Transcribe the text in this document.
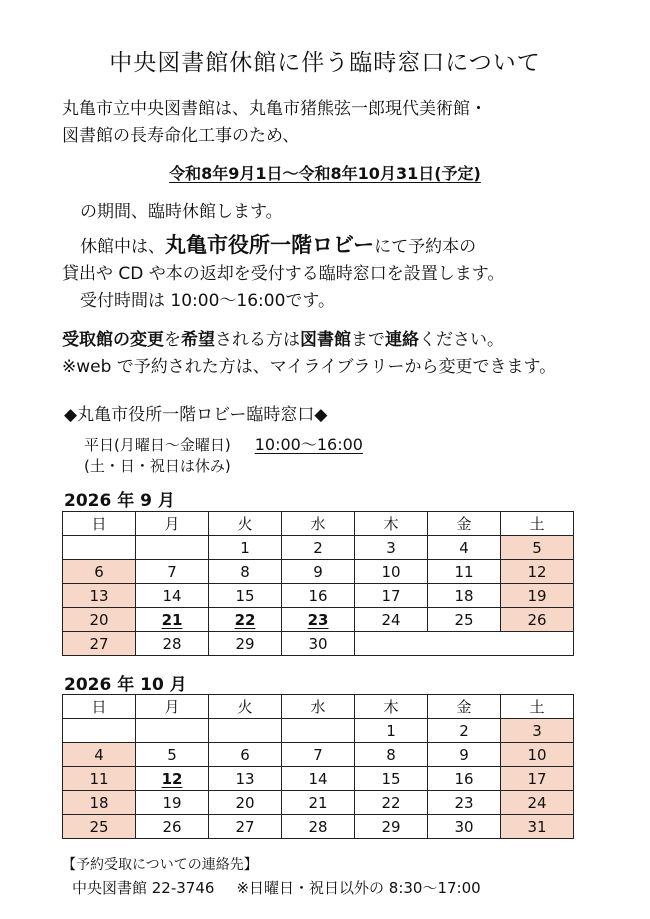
中央図書館休館に伴う臨時窓口について
丸亀市立中央図書館は、丸亀市猪熊弦一郎現代美術館・
図書館の長寿命化工事のため、
令和8年9月1日～令和8年10月31日(予定)
の期間、臨時休館します。
休館中は、丸亀市役所一階ロビーにて予約本の
貸出や CD や本の返却を受付する臨時窓口を設置します。
受付時間は 10:00～16:00です。
受取館の変更を希望される方は図書館まで連絡ください。
※web で予約された方は、マイライブラリーから変更できます。
◆丸亀市役所一階ロビー臨時窓口◆
平日(月曜日～金曜日) 10:00～16:00
(土・日・祝日は休み)
2026 年 9 月
日	月	火	水	木	金	土
		1	2	3	4	5
6	7	8	9	10	11	12
13	14	15	16	17	18	19
20	21	22	23	24	25	26
27	28	29	30			
2026 年 10 月
日	月	火	水	木	金	土
				1	2	3
4	5	6	7	8	9	10
11	12	13	14	15	16	17
18	19	20	21	22	23	24
25	26	27	28	29	30	31
【予約受取についての連絡先】
中央図書館 22-3746 ※日曜日・祝日以外の 8:30～17:00
